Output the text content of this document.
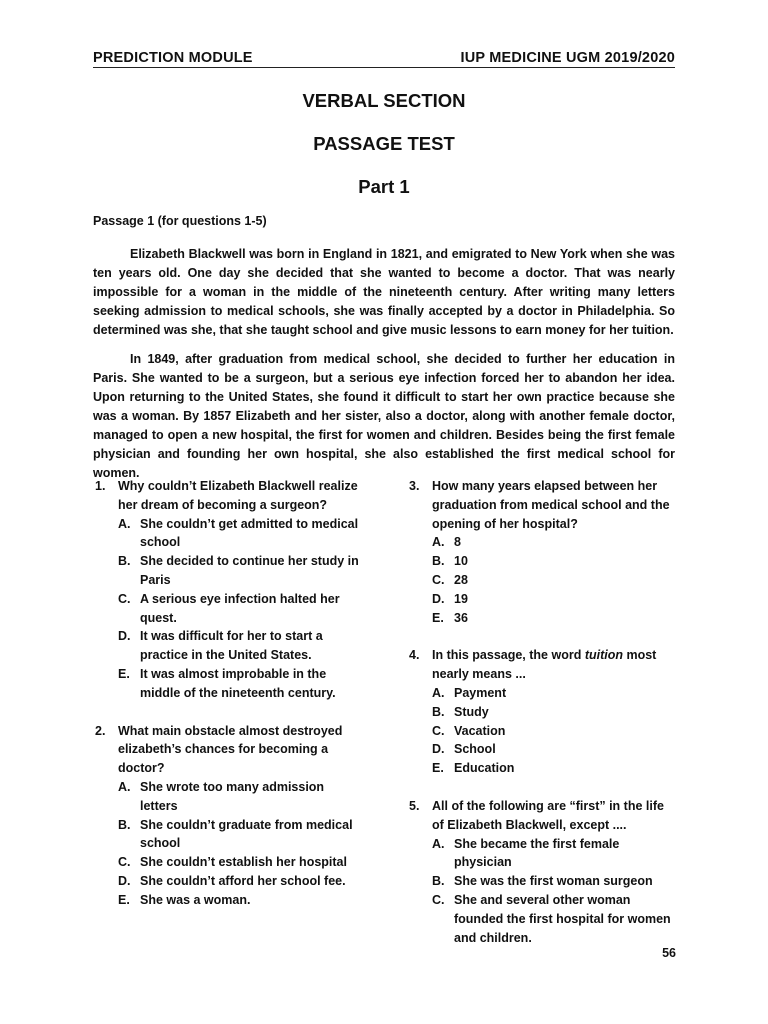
PREDICTION MODULE	IUP MEDICINE UGM 2019/2020
VERBAL SECTION
PASSAGE TEST
Part 1
Passage 1 (for questions 1-5)
Elizabeth Blackwell was born in England in 1821, and emigrated to New York when she was ten years old. One day she decided that she wanted to become a doctor. That was nearly impossible for a woman in the middle of the nineteenth century. After writing many letters seeking admission to medical schools, she was finally accepted by a doctor in Philadelphia. So determined was she, that she taught school and give music lessons to earn money for her tuition.
In 1849, after graduation from medical school, she decided to further her education in Paris. She wanted to be a surgeon, but a serious eye infection forced her to abandon her idea. Upon returning to the United States, she found it difficult to start her own practice because she was a woman. By 1857 Elizabeth and her sister, also a doctor, along with another female doctor, managed to open a new hospital, the first for women and children. Besides being the first female physician and founding her own hospital, she also established the first medical school for women.
1. Why couldn’t Elizabeth Blackwell realize her dream of becoming a surgeon?
A. She couldn’t get admitted to medical school
B. She decided to continue her study in Paris
C. A serious eye infection halted her quest.
D. It was difficult for her to start a practice in the United States.
E. It was almost improbable in the middle of the nineteenth century.
2. What main obstacle almost destroyed elizabeth’s chances for becoming a doctor?
A. She wrote too many admission letters
B. She couldn’t graduate from medical school
C. She couldn’t establish her hospital
D. She couldn’t afford her school fee.
E. She was a woman.
3. How many years elapsed between her graduation from medical school and the opening of her hospital?
A. 8
B. 10
C. 28
D. 19
E. 36
4. In this passage, the word tuition most nearly means ...
A. Payment
B. Study
C. Vacation
D. School
E. Education
5. All of the following are “first” in the life of Elizabeth Blackwell, except ....
A. She became the first female physician
B. She was the first woman surgeon
C. She and several other woman founded the first hospital for women and children.
56
